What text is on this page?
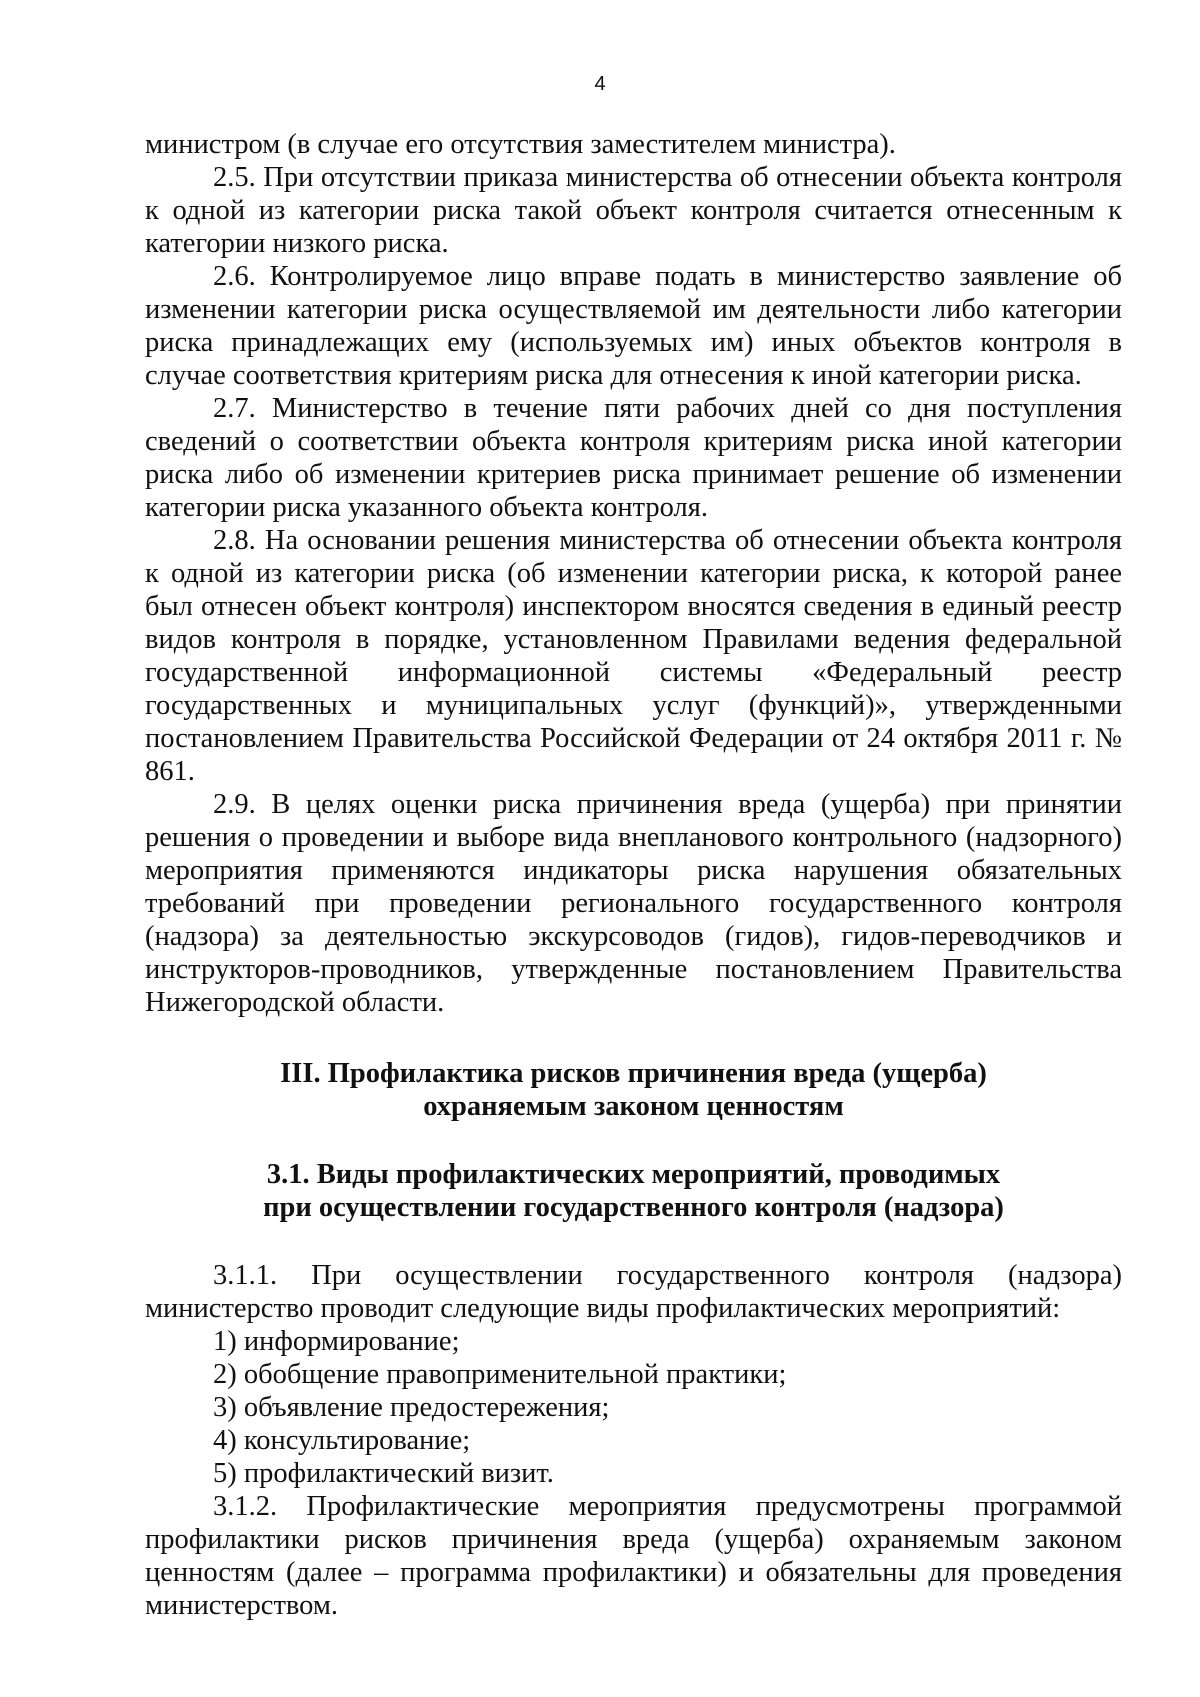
4

министром (в случае его отсутствия заместителем министра).

2.5. При отсутствии приказа министерства об отнесении объекта контроля к одной из категории риска такой объект контроля считается отнесенным к категории низкого риска.

2.6. Контролируемое лицо вправе подать в министерство заявление об изменении категории риска осуществляемой им деятельности либо категории риска принадлежащих ему (используемых им) иных объектов контроля в случае соответствия критериям риска для отнесения к иной категории риска.

2.7. Министерство в течение пяти рабочих дней со дня поступления сведений о соответствии объекта контроля критериям риска иной категории риска либо об изменении критериев риска принимает решение об изменении категории риска указанного объекта контроля.

2.8. На основании решения министерства об отнесении объекта контроля к одной из категории риска (об изменении категории риска, к которой ранее был отнесен объект контроля) инспектором вносятся сведения в единый реестр видов контроля в порядке, установленном Правилами ведения федеральной государственной информационной системы «Федеральный реестр государственных и муниципальных услуг (функций)», утвержденными постановлением Правительства Российской Федерации от 24 октября 2011 г. № 861.

2.9. В целях оценки риска причинения вреда (ущерба) при принятии решения о проведении и выборе вида внепланового контрольного (надзорного) мероприятия применяются индикаторы риска нарушения обязательных требований при проведении регионального государственного контроля (надзора) за деятельностью экскурсоводов (гидов), гидов-переводчиков и инструкторов-проводников, утвержденные постановлением Правительства Нижегородской области.

III. Профилактика рисков причинения вреда (ущерба)

охраняемым законом ценностям

3.1. Виды профилактических мероприятий, проводимых

при осуществлении государственного контроля (надзора)

3.1.1. При осуществлении государственного контроля (надзора) министерство проводит следующие виды профилактических мероприятий:

1) информирование;

2) обобщение правоприменительной практики;

3) объявление предостережения;

4) консультирование;

5) профилактический визит.

3.1.2. Профилактические мероприятия предусмотрены программой профилактики рисков причинения вреда (ущерба) охраняемым законом ценностям (далее – программа профилактики) и обязательны для проведения министерством.
